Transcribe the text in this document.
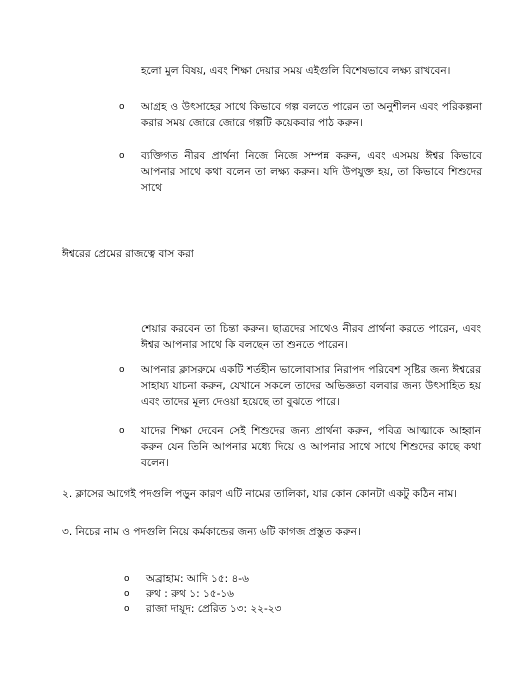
হলো মুল বিষয়, এবং শিক্ষা দেয়ার সময় এইগুলি বিশেষভাবে লক্ষ্য রাখবেন।

o আগ্রহ ও উৎসাহের সাথে কিভাবে গল্প বলতে পারেন তা অনুশীলন এবং পরিকল্পনা করার সময় জোরে জোরে গল্পটি কয়েকবার পাঠ করুন।

o ব্যক্তিগত নীরব প্রার্থনা নিজে নিজে সম্পন্ন করুন, এবং এসময় ঈশ্বর কিভাবে আপনার সাথে কথা বলেন তা লক্ষ্য করুন। যদি উপযুক্ত হয়, তা কিভাবে শিশুদের সাথে

ঈশ্বরের প্রেমের রাজত্বে বাস করা

শেয়ার করবেন তা চিন্তা করুন। ছাত্রদের সাথেও নীরব প্রার্থনা করতে পারেন, এবং ঈশ্বর আপনার সাথে কি বলছেন তা শুনতে পারেন।

o আপনার ক্লাসরুমে একটি শর্তহীন ভালোবাসার নিরাপদ পরিবেশ সৃষ্টির জন্য ঈশ্বরের সাহায্য যাচনা করুন, যেখানে সকলে তাদের অভিজ্ঞতা বলবার জন্য উৎসাহিত হয় এবং তাদের মূল্য দেওয়া হয়েছে তা বুঝতে পারে।

o যাদের শিক্ষা দেবেন সেই শিশুদের জন্য প্রার্থনা করুন, পবিত্র আত্মাকে আহ্বান করুন যেন তিনি আপনার মধ্যে দিয়ে ও আপনার সাথে সাথে শিশুদের কাছে কথা বলেন।

২. ক্লাসের আগেই পদগুলি পড়ুন কারণ এটি নামের তালিকা, যার কোন কোনটা একটু কঠিন নাম।

৩. নিচের নাম ও পদগুলি নিয়ে কর্মকান্ডের জন্য ৬টি কাগজ প্রস্তুত করুন।

o অব্রাহাম: আদি ১৫: ৪-৬
o রুথ : রুথ ১: ১৫-১৬
o রাজা দায়ূদ: প্রেরিত ১৩: ২২-২৩
